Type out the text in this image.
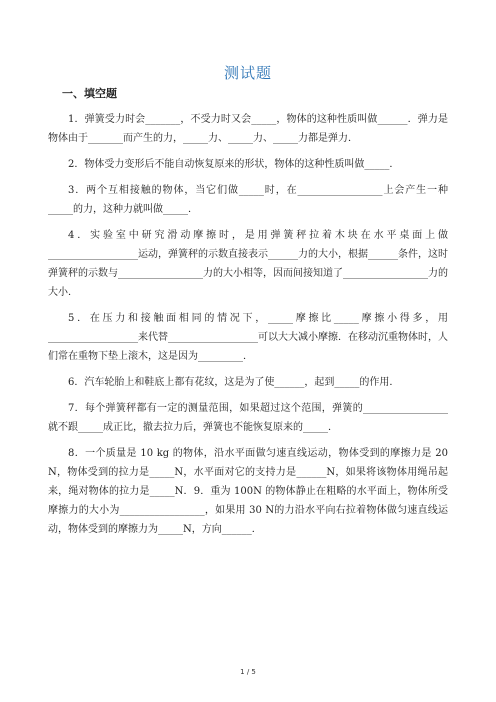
测试题
一、填空题

1．弹簧受力时会_______，不受力时又会_____，物体的这种性质叫做______．弹力是物体由于_______而产生的力，_____力、_____力、_____力都是弹力．

2．物体受力变形后不能自动恢复原来的形状，物体的这种性质叫做_____．

3．两个互相接触的物体，当它们做_____时，在_________________上会产生一种_____的力，这种力就叫做_____．

4．实验室中研究滑动摩擦时，是用弹簧秤拉着木块在水平桌面上做__________________运动，弹簧秤的示数直接表示______力的大小，根据______条件，这时弹簧秤的示数与_________________力的大小相等，因而间接知道了_________________力的大小．

5．在压力和接触面相同的情况下，_____摩擦比_____摩擦小得多，用__________________来代替__________________可以大大减小摩擦．在移动沉重物体时，人们常在重物下垫上滚木，这是因为_________．

6．汽车轮胎上和鞋底上都有花纹，这是为了使______，起到_____的作用．

7．每个弹簧秤都有一定的测量范围，如果超过这个范围，弹簧的_________________就不跟_____成正比，撤去拉力后，弹簧也不能恢复原来的_____．

8．一个质量是 10 kg 的物体，沿水平面做匀速直线运动，物体受到的摩擦力是 20 N，物体受到的拉力是_____N，水平面对它的支持力是______N，如果将该物体用绳吊起来，绳对物体的拉力是_____N．9．重为 100N 的物体静止在粗略的水平面上，物体所受摩擦力的大小为_________________，如果用 30 N的力沿水平向右拉着物体做匀速直线运动，物体受到的摩擦力为_____N，方向______．

1 / 5
